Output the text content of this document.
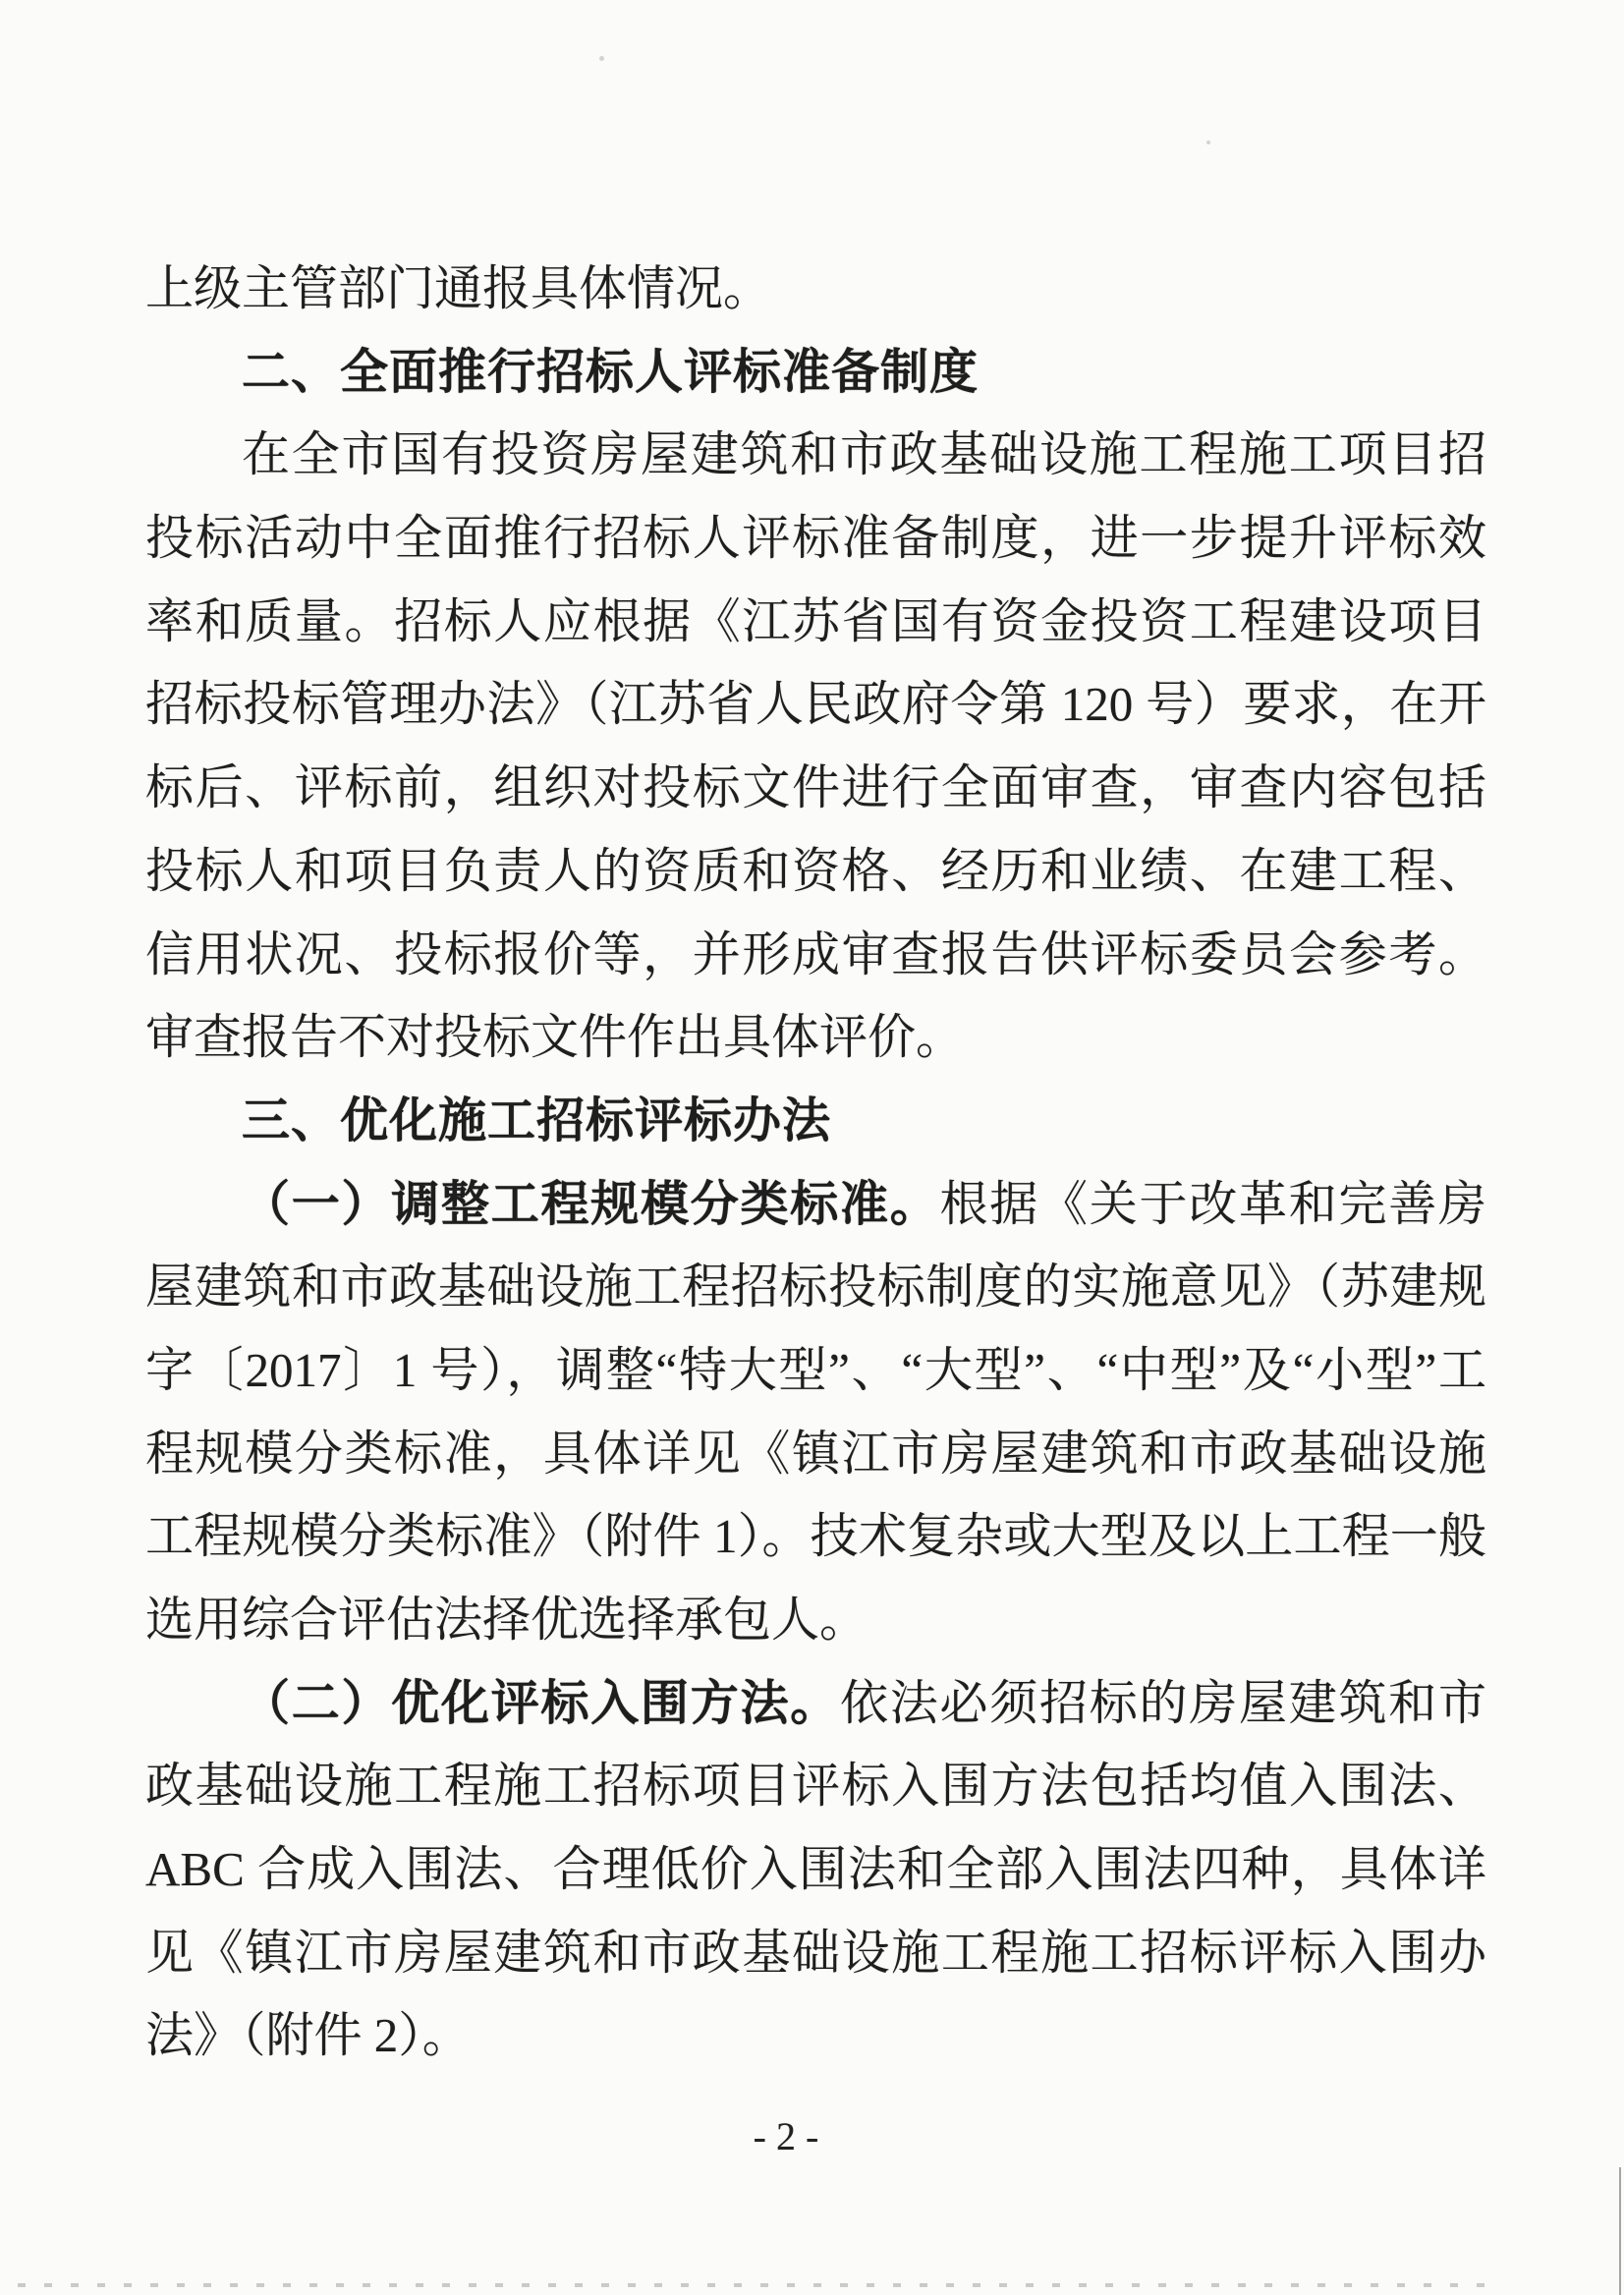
上级主管部门通报具体情况。
二、全面推行招标人评标准备制度
在全市国有投资房屋建筑和市政基础设施工程施工项目招
投标活动中全面推行招标人评标准备制度，进一步提升评标效
率和质量。招标人应根据《江苏省国有资金投资工程建设项目
招标投标管理办法》（江苏省人民政府令第 120 号）要求，在开
标后、评标前，组织对投标文件进行全面审查，审查内容包括
投标人和项目负责人的资质和资格、经历和业绩、在建工程、
信用状况、投标报价等，并形成审查报告供评标委员会参考。
审查报告不对投标文件作出具体评价。
三、优化施工招标评标办法
（一）调整工程规模分类标准。根据《关于改革和完善房
屋建筑和市政基础设施工程招标投标制度的实施意见》（苏建规
字〔2017〕1 号），调整“特大型”、“大型”、“中型”及“小型”工
程规模分类标准，具体详见《镇江市房屋建筑和市政基础设施
工程规模分类标准》（附件 1）。技术复杂或大型及以上工程一般
选用综合评估法择优选择承包人。
（二）优化评标入围方法。依法必须招标的房屋建筑和市
政基础设施工程施工招标项目评标入围方法包括均值入围法、
ABC 合成入围法、合理低价入围法和全部入围法四种，具体详
见《镇江市房屋建筑和市政基础设施工程施工招标评标入围办
法》（附件 2）。
- 2 -
